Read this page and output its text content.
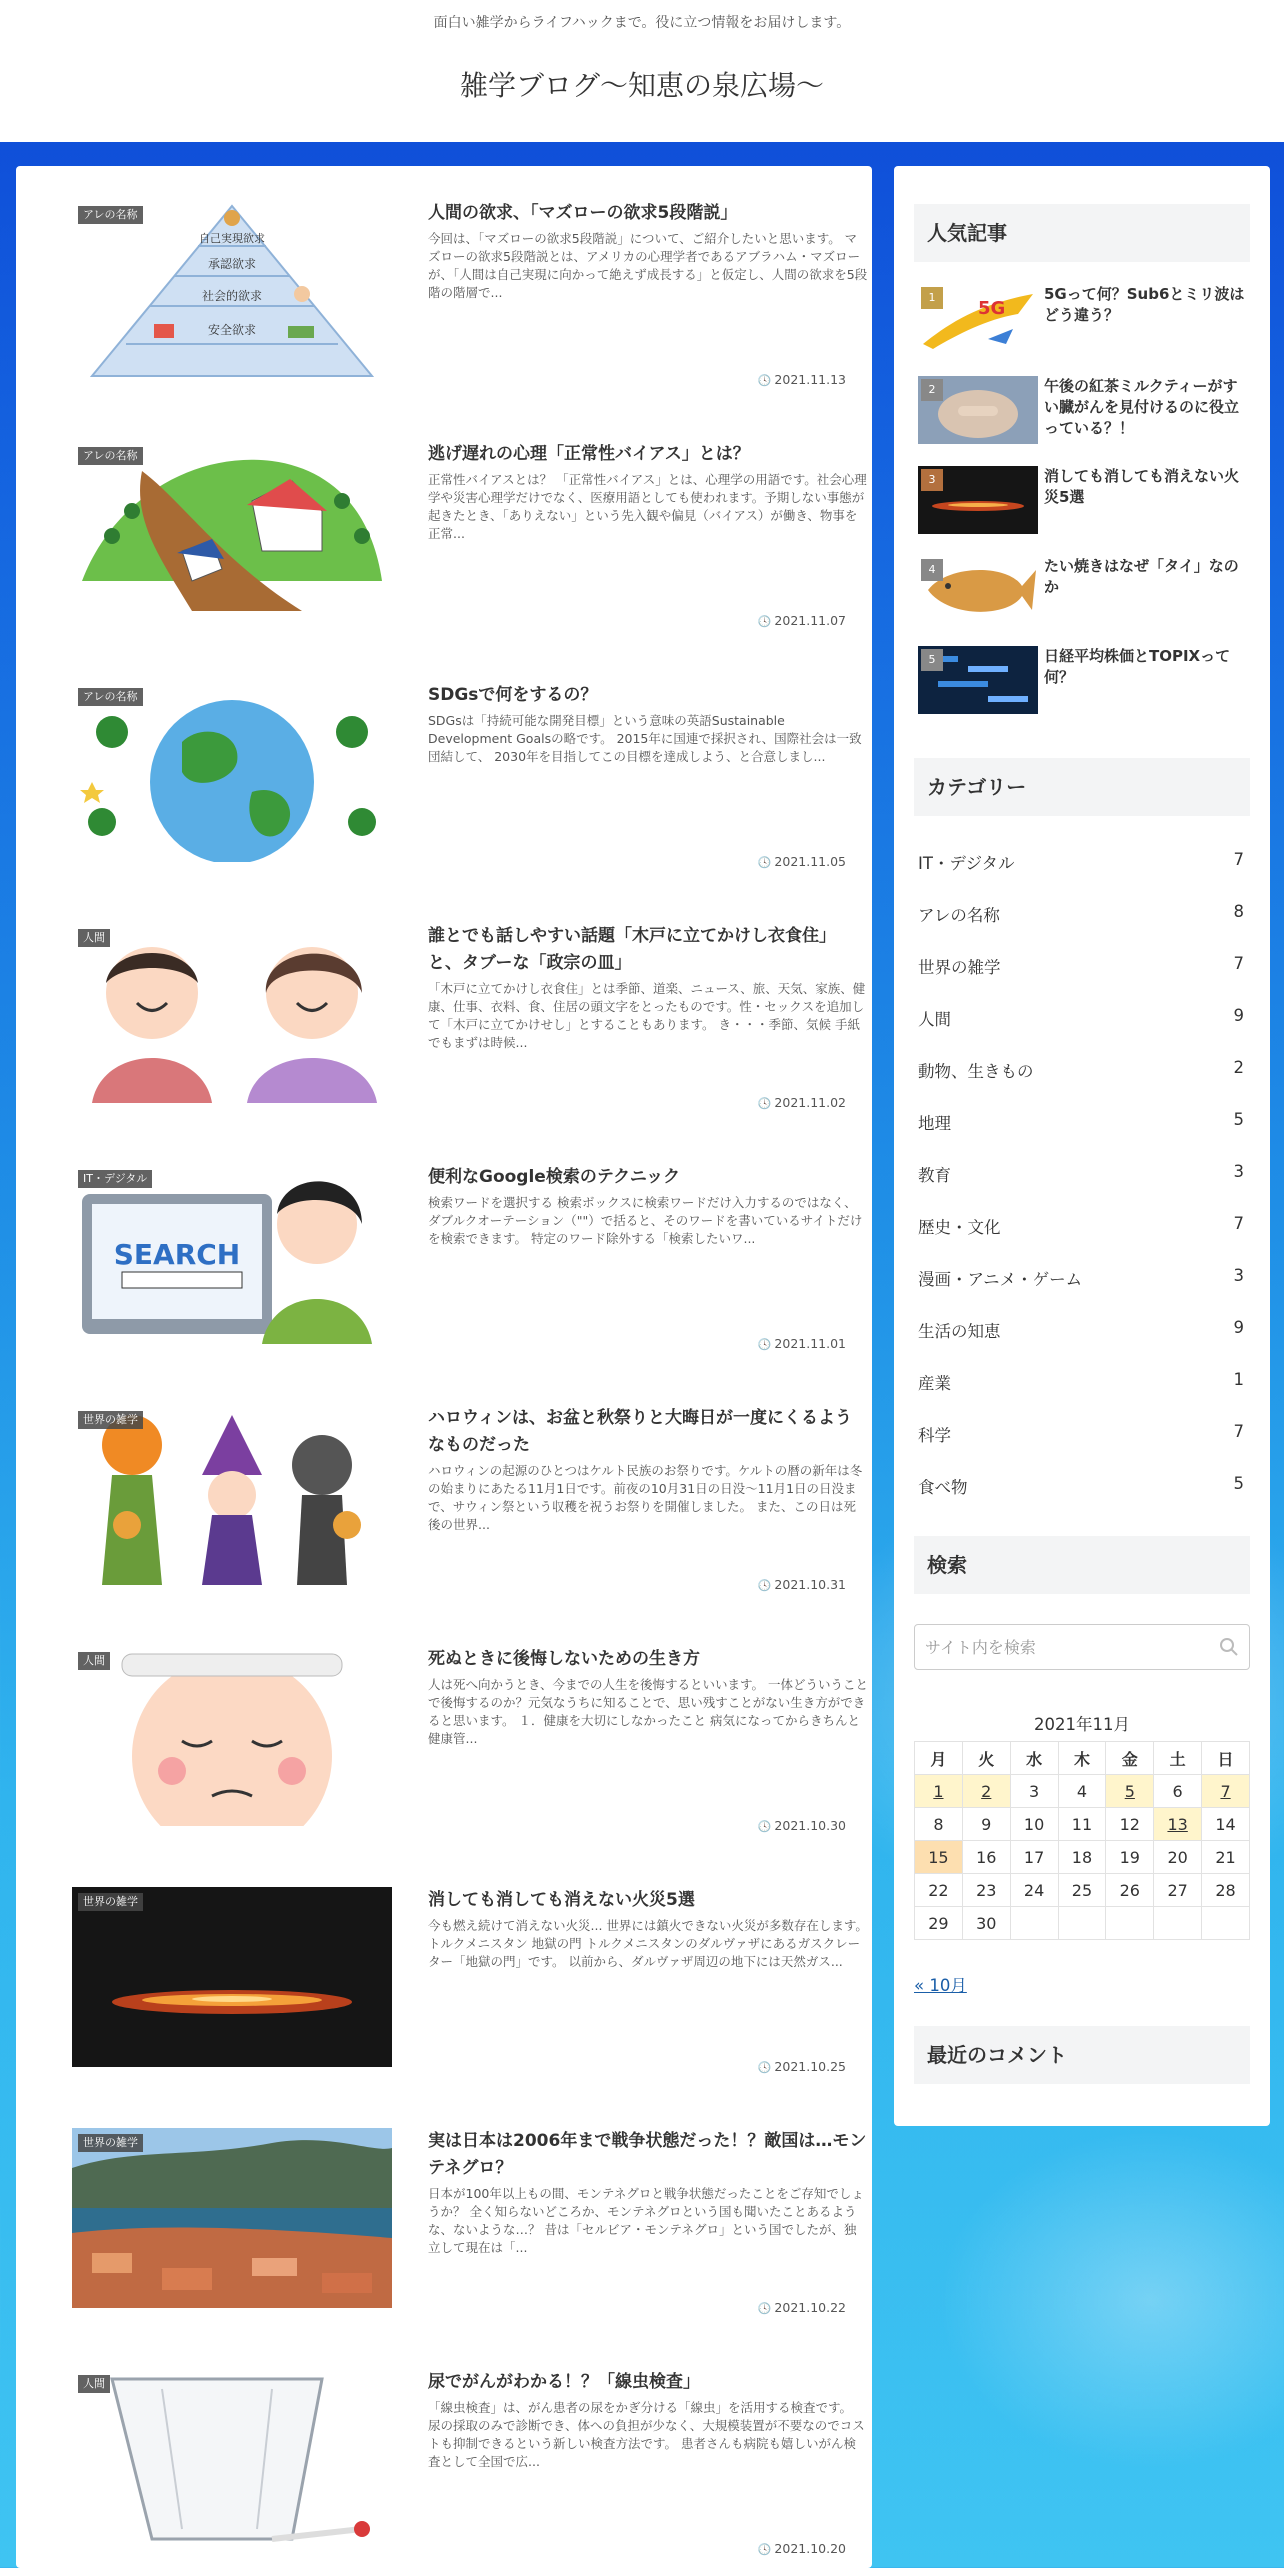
面白い雑学からライフハックまで。役に立つ情報をお届けします。
雑学ブログ～知恵の泉広場～
自己実現欲求
承認欲求
社会的欲求
安全欲求
アレの名称	人間の欲求、「マズローの欲求5段階説」
今回は、「マズローの欲求5段階説」について、ご紹介したいと思います。 マズローの欲求5段階説とは、アメリカの心理学者であるアブラハム・マズローが、「人間は自己実現に向かって絶えず成長する」と仮定し、人間の欲求を5段階の階層で...
🕓 2021.11.13
アレの名称	逃げ遅れの心理「正常性バイアス」とは？
正常性バイアスとは？ 「正常性バイアス」とは、心理学の用語です。社会心理学や災害心理学だけでなく、医療用語としても使われます。予期しない事態が起きたとき、「ありえない」という先入観や偏見（バイアス）が働き、物事を正常...
🕓 2021.11.07
アレの名称	SDGsで何をするの？
SDGsは「持続可能な開発目標」という意味の英語Sustainable Development Goalsの略です。 2015年に国連で採択され、国際社会は一致団結して、 2030年を目指してこの目標を達成しよう、と合意しまし...
🕓 2021.11.05
人間	誰とでも話しやすい話題「木戸に立てかけし衣食住」と、タブーな「政宗の皿」
「木戸に立てかけし衣食住」とは季節、道楽、ニュース、旅、天気、家族、健康、仕事、衣料、食、住居の頭文字をとったものです。性・セックスを追加して「木戸に立てかけせし」とすることもあります。 き・・・季節、気候 手紙でもまずは時候...
🕓 2021.11.02
SEARCH
IT・デジタル	便利なGoogle検索のテクニック
検索ワードを選択する 検索ボックスに検索ワードだけ入力するのではなく、ダブルクオーテーション（""）で括ると、そのワードを書いているサイトだけを検索できます。 特定のワード除外する「検索したいワ...
🕓 2021.11.01
世界の雑学	ハロウィンは、お盆と秋祭りと大晦日が一度にくるようなものだった
ハロウィンの起源のひとつはケルト民族のお祭りです。ケルトの暦の新年は冬の始まりにあたる11月1日です。前夜の10月31日の日没～11月1日の日没まで、サウィン祭という収穫を祝うお祭りを開催しました。 また、この日は死後の世界...
🕓 2021.10.31
人間	死ぬときに後悔しないための生き方
人は死へ向かうとき、今までの人生を後悔するといいます。 一体どういうことで後悔するのか？元気なうちに知ることで、思い残すことがない生き方ができると思います。 １．健康を大切にしなかったこと 病気になってからきちんと健康管...
🕓 2021.10.30
世界の雑学	消しても消しても消えない火災5選
今も燃え続けて消えない火災... 世界には鎮火できない火災が多数存在します。 トルクメニスタン 地獄の門 トルクメニスタンのダルヴァザにあるガスクレーター「地獄の門」です。 以前から、ダルヴァザ周辺の地下には天然ガス...
🕓 2021.10.25
世界の雑学	実は日本は2006年まで戦争状態だった！？敵国は…モンテネグロ？
日本が100年以上もの間、モンテネグロと戦争状態だったことをご存知でしょうか？ 全く知らないどころか、モンテネグロという国も聞いたことあるような、ないような…？ 昔は「セルビア・モンテネグロ」という国でしたが、独立して現在は「...
🕓 2021.10.22
人間	尿でがんがわかる！？「線虫検査」
「線虫検査」は、がん患者の尿をかぎ分ける「線虫」を活用する検査です。 尿の採取のみで診断でき、体への負担が少なく、大規模装置が不要なのでコストも抑制できるという新しい検査方法です。 患者さんも病院も嬉しいがん検査として全国で広...
🕓 2021.10.20
人気記事
5G
1	5Gって何？Sub6とミリ波はどう違う？
2	午後の紅茶ミルクティーがすい臓がんを見付けるのに役立っている？！
3	消しても消しても消えない火災5選
4	たい焼きはなぜ「タイ」なのか
5	日経平均株価とTOPIXって何？
カテゴリー
IT・デジタル	7
アレの名称	8
世界の雑学	7
人間	9
動物、生きもの	2
地理	5
教育	3
歴史・文化	7
漫画・アニメ・ゲーム	3
生活の知恵	9
産業	1
科学	7
食べ物	5
検索
サイト内を検索
2021年11月
月	火	水	木	金	土	日
1	2	3	4	5	6	7
8	9	10	11	12	13	14
15	16	17	18	19	20	21
22	23	24	25	26	27	28
29	30					
« 10月
最近のコメント
